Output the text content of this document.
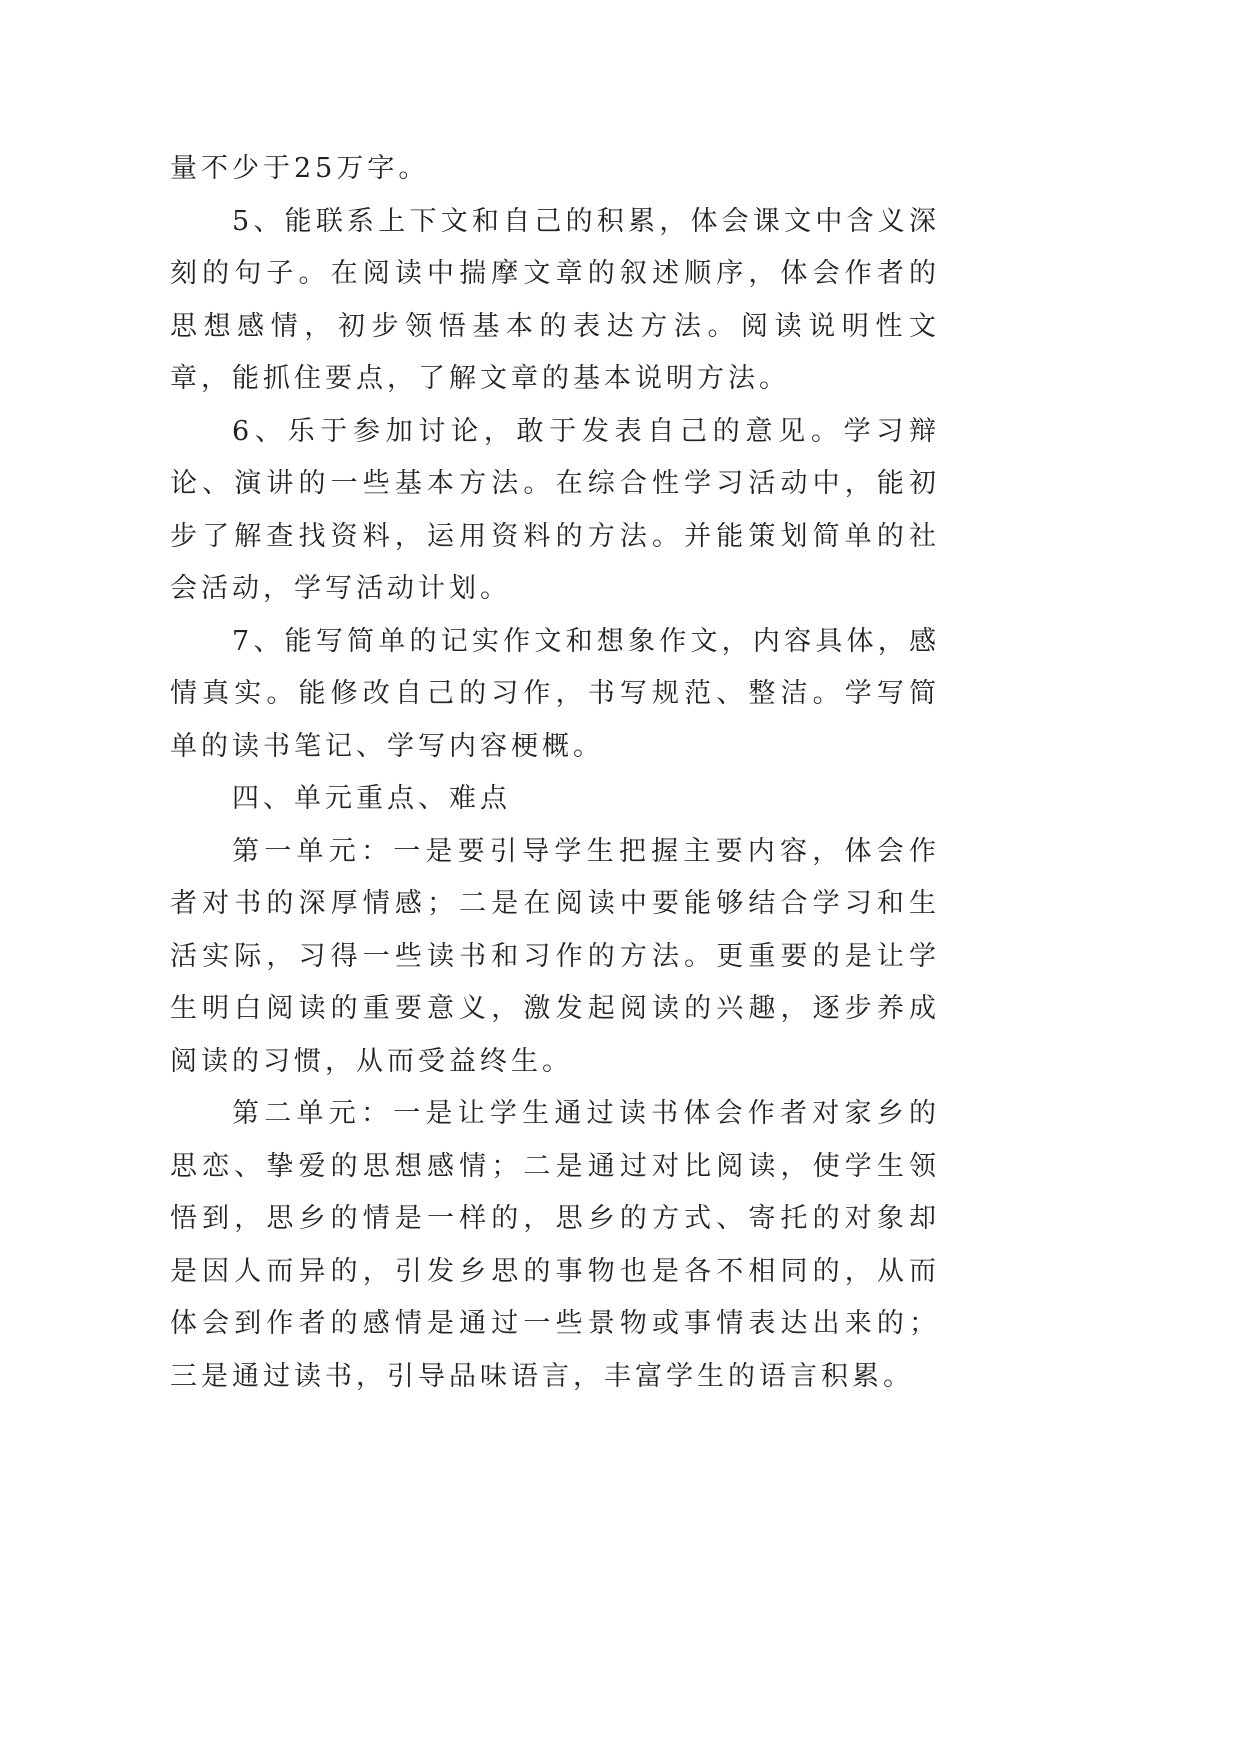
量不少于25万字。

5、能联系上下文和自己的积累，体会课文中含义深刻的句子。在阅读中揣摩文章的叙述顺序，体会作者的思想感情，初步领悟基本的表达方法。阅读说明性文章，能抓住要点，了解文章的基本说明方法。

6、乐于参加讨论，敢于发表自己的意见。学习辩论、演讲的一些基本方法。在综合性学习活动中，能初步了解查找资料，运用资料的方法。并能策划简单的社会活动，学写活动计划。

7、能写简单的记实作文和想象作文，内容具体，感情真实。能修改自己的习作，书写规范、整洁。学写简单的读书笔记、学写内容梗概。

四、单元重点、难点

第一单元：一是要引导学生把握主要内容，体会作者对书的深厚情感；二是在阅读中要能够结合学习和生活实际，习得一些读书和习作的方法。更重要的是让学生明白阅读的重要意义，激发起阅读的兴趣，逐步养成阅读的习惯，从而受益终生。

第二单元：一是让学生通过读书体会作者对家乡的思恋、挚爱的思想感情；二是通过对比阅读，使学生领悟到，思乡的情是一样的，思乡的方式、寄托的对象却是因人而异的，引发乡思的事物也是各不相同的，从而体会到作者的感情是通过一些景物或事情表达出来的；三是通过读书，引导品味语言，丰富学生的语言积累。
